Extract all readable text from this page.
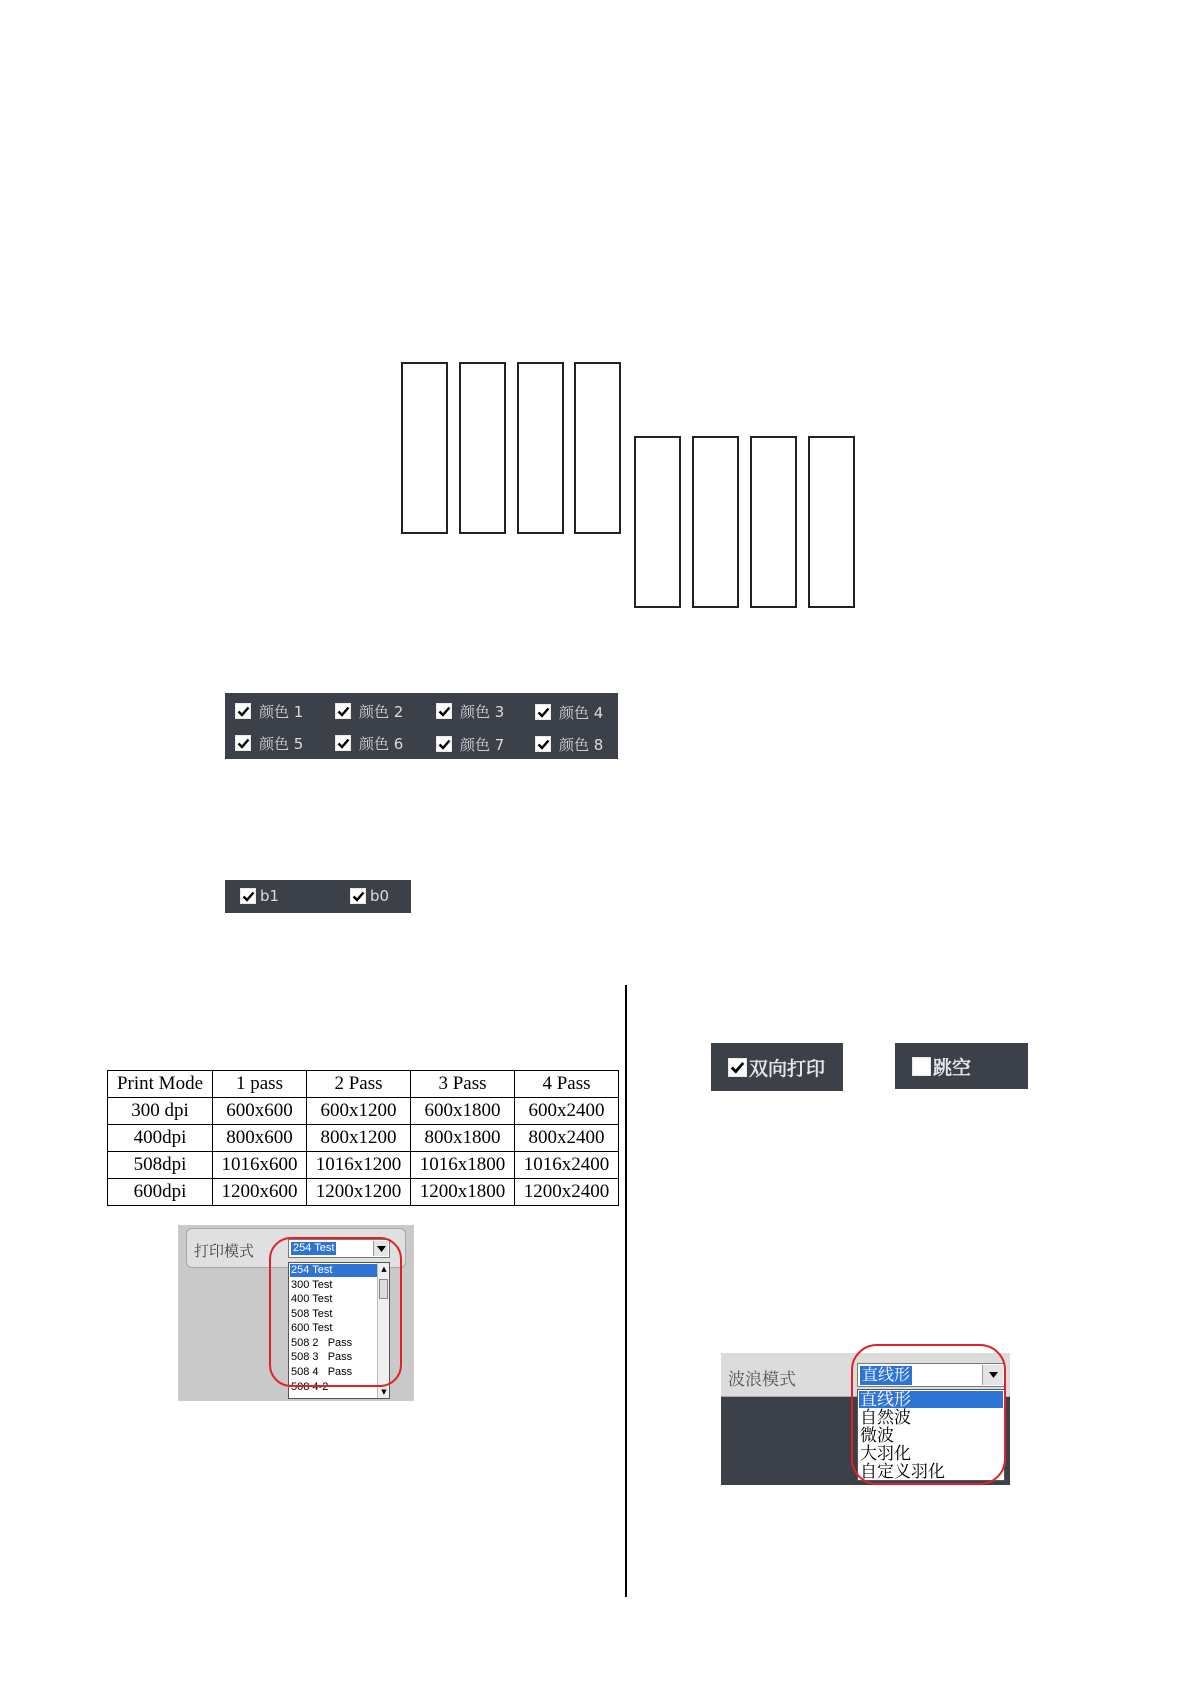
颜色 1	颜色 2	颜色 3	颜色 4
颜色 5	颜色 6	颜色 7	颜色 8
b1	b0
Print Mode	1 pass	2 Pass	3 Pass	4 Pass
300 dpi	600x600	600x1200	600x1800	600x2400
400dpi	800x600	800x1200	800x1800	800x2400
508dpi	1016x600	1016x1200	1016x1800	1016x2400
600dpi	1200x600	1200x1200	1200x1800	1200x2400
打印模式	254 Test
254 Test
300 Test
400 Test
508 Test
600 Test
508 2   Pass
508 3   Pass
508 4   Pass
508 4-2
▲
▼
双向打印	跳空
波浪模式	直线形
直线形
自然波
微波
大羽化
自定义羽化
